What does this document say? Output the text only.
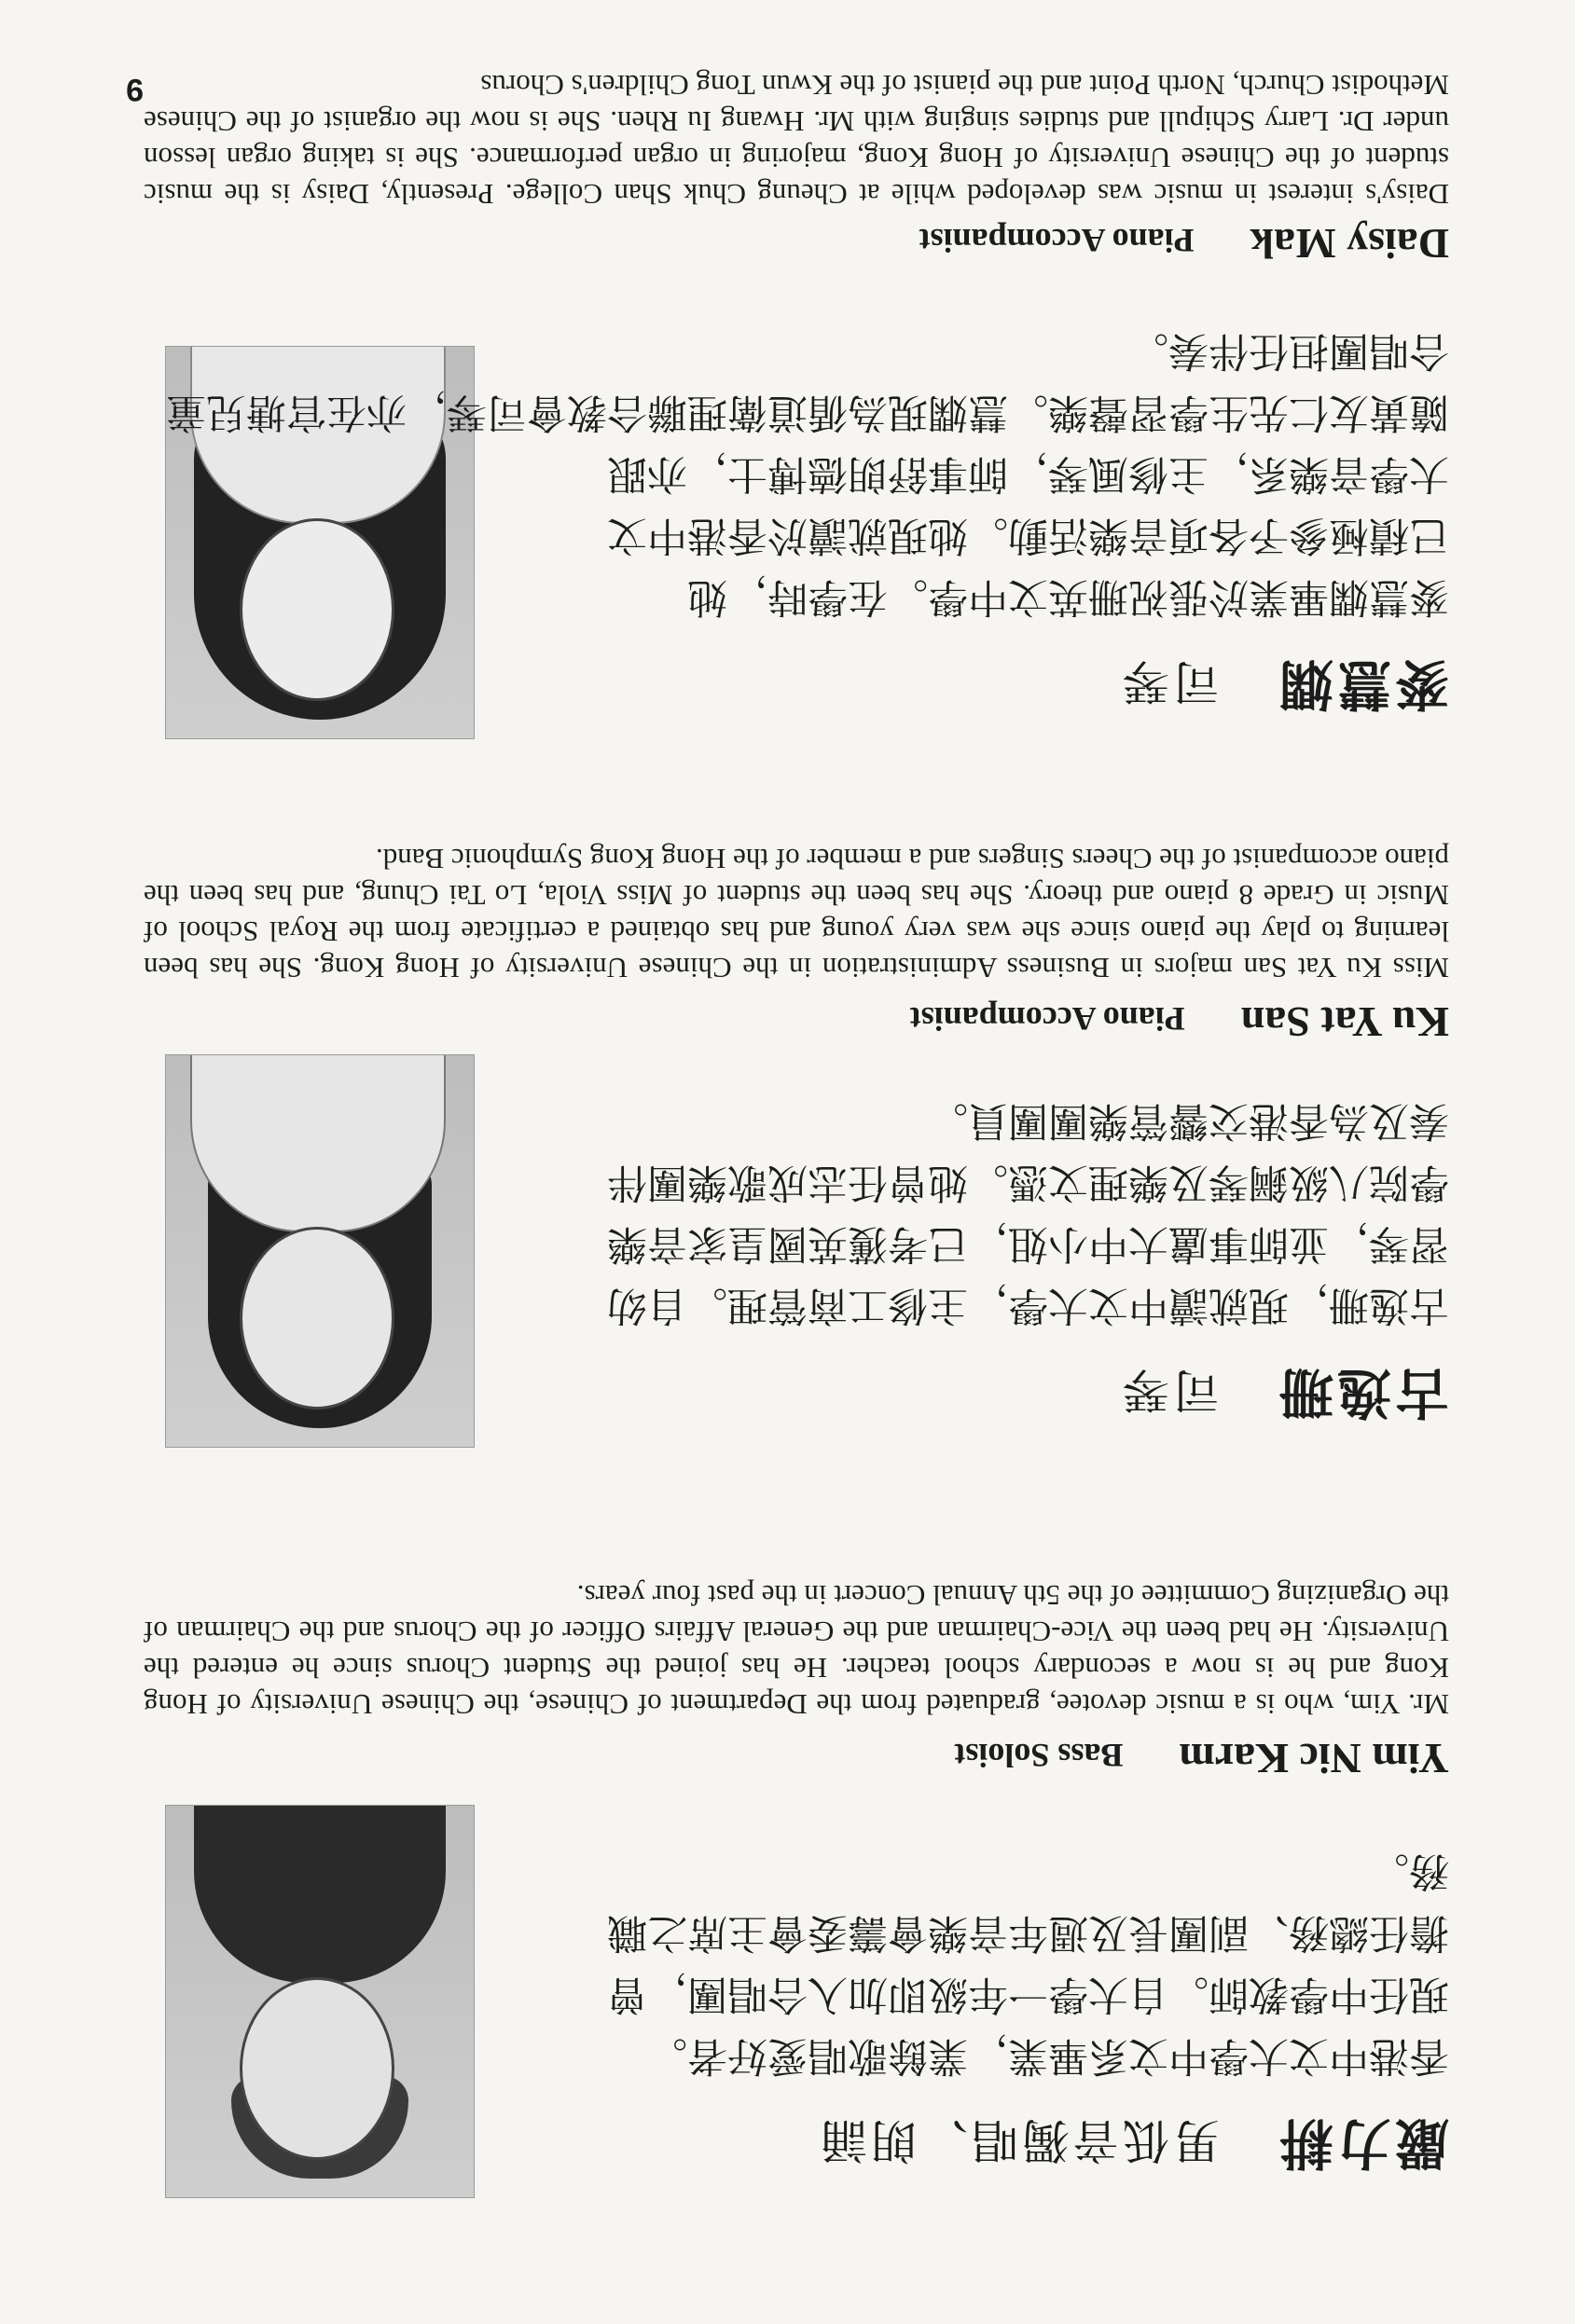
嚴力耕男低音獨唱、朗誦
香港中文大學中文系畢業，業餘歌唱愛好者。
現任中學教師。自大學一年級即加入合唱團，曾
擔任總務、副團長及週年音樂會籌委會主席之職
務。
Yim Nic KarmBass Soloist
Mr. Yim, who is a music devotee, graduated from the Department of Chinese, the Chinese University of Hong Kong and he is now a secondary school teacher. He has joined the Student Chorus since he entered the University. He had been the Vice-Chairman and the General Affairs Officer of the Chorus and the Chairman of the Organizing Committee of the 5th Annual Concert in the past four years.
古逸珊司琴
古逸珊，現就讀中文大學，主修工商管理。自幼
習琴，並師事盧大中小姐，已考獲英國皇家音樂
學院八級鋼琴及樂理文憑。她曾任志成歌樂團伴
奏及為香港交響管樂團團員。
Ku Yat SanPiano Accompanist
Miss Ku Yat San majors in Business Administration in the Chinese University of Hong Kong. She has been learning to play the piano since she was very young and has obtained a certificate from the Royal School of Music in Grade 8 piano and theory. She has been the student of Miss Viola, Lo Tai Chung, and has been the piano accompanist of the Cheers Singers and a member of the Hong Kong Symphonic Band.
麥慧嫻司琴
麥慧嫻畢業於張祝珊英文中學。在學時，她
已積極參予各項音樂活動。她現就讀於香港中文
大學音樂系，主修風琴，師事舒朗德博士，亦跟
隨黃友仁先生學習聲樂。慧嫻現為循道衛理聯合教會司琴，亦在官塘兒童
合唱團担任伴奏。
Daisy MakPiano Accompanist
Daisy's interest in music was developed while at Cheung Chuk Shan College. Presently, Daisy is the music student of the Chinese University of Hong Kong, majoring in organ performance. She is taking organ lesson under Dr. Larry Schipull and studies singing with Mr. Hwang Iu Rhen. She is now the organist of the Chinese Methodist Church, North Point and the pianist of the Kwun Tong Children's Chorus
9
